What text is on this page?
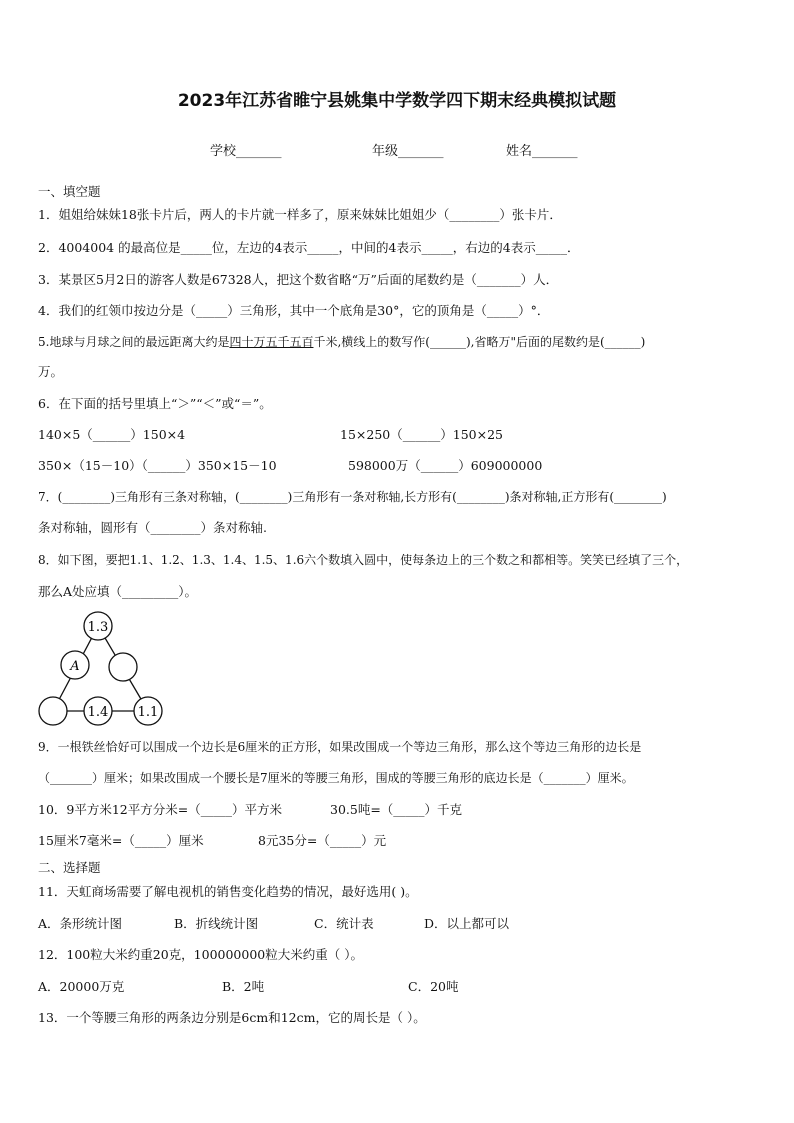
2023年江苏省睢宁县姚集中学数学四下期末经典模拟试题
学校_______	年级_______	姓名_______
一、填空题
1．姐姐给妹妹18张卡片后，两人的卡片就一样多了，原来妹妹比姐姐少（________）张卡片．
2．4004004 的最高位是_____位，左边的4表示_____，中间的4表示_____，右边的4表示_____．
3．某景区5月2日的游客人数是67328人，把这个数省略“万”后面的尾数约是（_______）人．
4．我们的红领巾按边分是（_____）三角形，其中一个底角是30°，它的顶角是（_____）°．
5.地球与月球之间的最远距离大约是四十万五千五百千米,横线上的数写作(______),省略万"后面的尾数约是(______)
万。
6．在下面的括号里填上“＞”“＜”或“＝”。
140×5（______）150×4	15×250（______）150×25
350×（15－10）（______）350×15－10	598000万（______）609000000
7．(________)三角形有三条对称轴，(________)三角形有一条对称轴,长方形有(________)条对称轴,正方形有(________)
条对称轴，圆形有（________）条对称轴.
8．如下图，要把1.1、1.2、1.3、1.4、1.5、1.6六个数填入圆中，使每条边上的三个数之和都相等。笑笑已经填了三个，
那么A处应填（_________）。
1.3
A
1.4 1.1
9．一根铁丝恰好可以围成一个边长是6厘米的正方形，如果改围成一个等边三角形，那么这个等边三角形的边长是
（_______）厘米；如果改围成一个腰长是7厘米的等腰三角形，围成的等腰三角形的底边长是（_______）厘米。
10．9平方米12平方分米=（_____）平方米	30.5吨=（_____）千克
15厘米7毫米=（_____）厘米	8元35分=（_____）元
二、选择题
11．天虹商场需要了解电视机的销售变化趋势的情况，最好选用( )。
A．条形统计图	B．折线统计图	C．统计表	D．以上都可以
12．100粒大米约重20克，100000000粒大米约重（ ）。
A．20000万克	B．2吨	C．20吨
13．一个等腰三角形的两条边分别是6cm和12cm，它的周长是（ ）。
